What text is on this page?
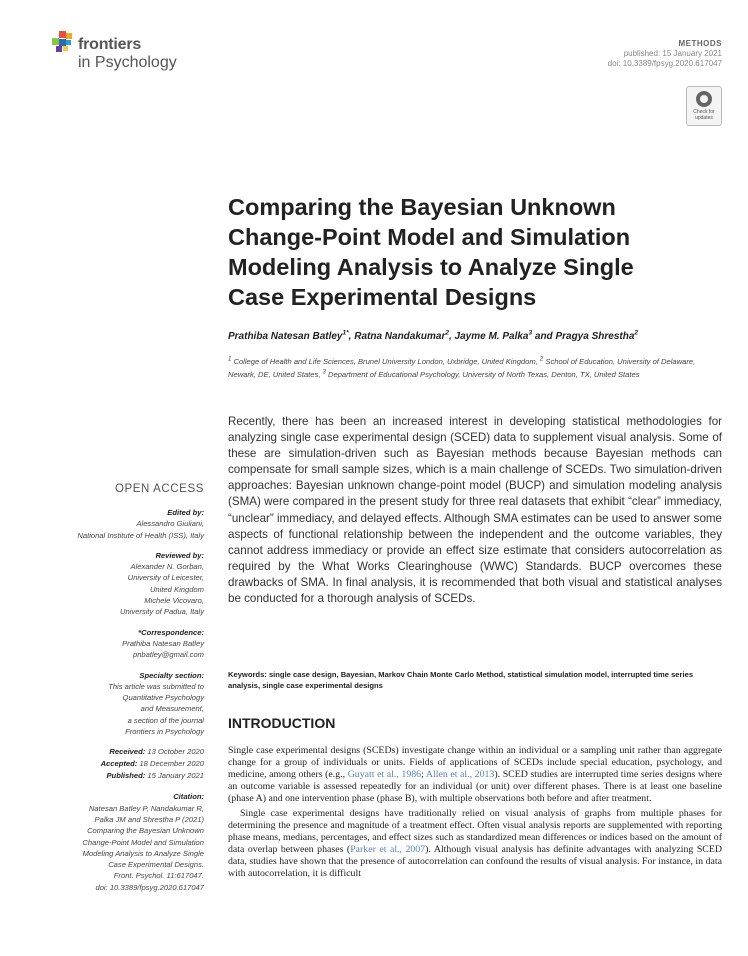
frontiers
in Psychology
METHODS
published: 15 January 2021
doi: 10.3389/fpsyg.2020.617047
Check for
updates
Comparing the Bayesian Unknown
Change-Point Model and Simulation
Modeling Analysis to Analyze Single
Case Experimental Designs
Prathiba Natesan Batley$^{1*}$, Ratna Nandakumar$^2$, Jayme M. Palka$^3$ and Pragya Shrestha$^2$
$^1$ College of Health and Life Sciences, Brunel University London, Uxbridge, United Kingdom, $^2$ School of Education, University of Delaware, Newark, DE, United States, $^3$ Department of Educational Psychology, University of North Texas, Denton, TX, United States
Recently, there has been an increased interest in developing statistical methodologies for analyzing single case experimental design (SCED) data to supplement visual analysis. Some of these are simulation-driven such as Bayesian methods because Bayesian methods can compensate for small sample sizes, which is a main challenge of SCEDs. Two simulation-driven approaches: Bayesian unknown change-point model (BUCP) and simulation modeling analysis (SMA) were compared in the present study for three real datasets that exhibit “clear” immediacy, “unclear” immediacy, and delayed effects. Although SMA estimates can be used to answer some aspects of functional relationship between the independent and the outcome variables, they cannot address immediacy or provide an effect size estimate that considers autocorrelation as required by the What Works Clearinghouse (WWC) Standards. BUCP overcomes these drawbacks of SMA. In final analysis, it is recommended that both visual and statistical analyses be conducted for a thorough analysis of SCEDs.
Keywords: single case design, Bayesian, Markov Chain Monte Carlo Method, statistical simulation model, interrupted time series analysis, single case experimental designs
INTRODUCTION

Single case experimental designs (SCEDs) investigate change within an individual or a sampling unit rather than aggregate change for a group of individuals or units. Fields of applications of SCEDs include special education, psychology, and medicine, among others (e.g., Guyatt et al., 1986; Allen et al., 2013). SCED studies are interrupted time series designs where an outcome variable is assessed repeatedly for an individual (or unit) over different phases. There is at least one baseline (phase A) and one intervention phase (phase B), with multiple observations both before and after treatment.

Single case experimental designs have traditionally relied on visual analysis of graphs from multiple phases for determining the presence and magnitude of a treatment effect. Often visual analysis reports are supplemented with reporting phase means, medians, percentages, and effect sizes such as standardized mean differences or indices based on the amount of data overlap between phases (Parker et al., 2007). Although visual analysis has definite advantages with analyzing SCED data, studies have shown that the presence of autocorrelation can confound the results of visual analysis. For instance, in data with autocorrelation, it is difficult

OPEN ACCESS
Edited by:
Alessandro Giuliani,
National Institute of Health (ISS), Italy
Reviewed by:
Alexander N. Gorban,
University of Leicester,
United Kingdom
Michele Vicovaro,
University of Padua, Italy
*Correspondence:
Prathiba Natesan Batley
pnbatley@gmail.com
Specialty section:
This article was submitted to
Quantitative Psychology
and Measurement,
a section of the journal
Frontiers in Psychology
Received: 13 October 2020
Accepted: 18 December 2020
Published: 15 January 2021
Citation:
Natesan Batley P, Nandakumar R,
Palka JM and Shrestha P (2021)
Comparing the Bayesian Unknown
Change-Point Model and Simulation
Modeling Analysis to Analyze Single
Case Experimental Designs.
Front. Psychol. 11:617047.
doi: 10.3389/fpsyg.2020.617047
